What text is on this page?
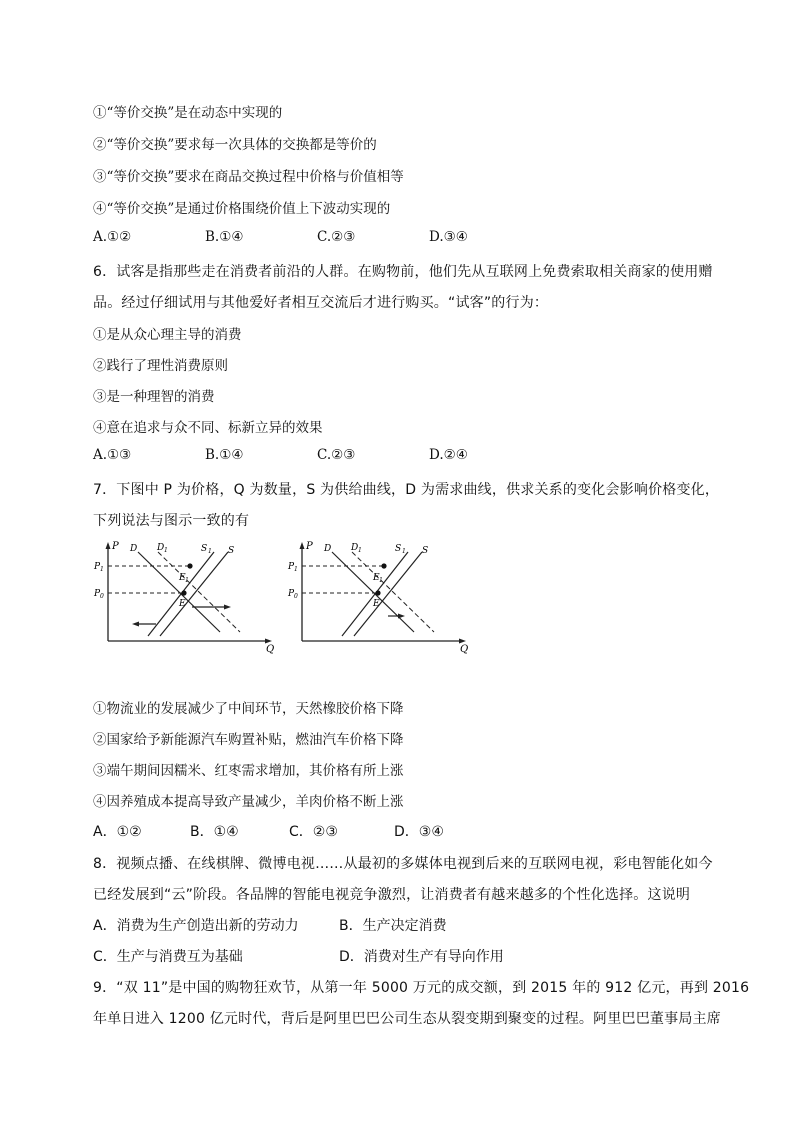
①“等价交换”是在动态中实现的
②“等价交换”要求每一次具体的交换都是等价的
③“等价交换”要求在商品交换过程中价格与价值相等
④“等价交换”是通过价格围绕价值上下波动实现的
A.①②	B.①④	C.②③	D.③④
6．试客是指那些走在消费者前沿的人群。在购物前，他们先从互联网上免费索取相关商家的使用赠
品。经过仔细试用与其他爱好者相互交流后才进行购买。“试客”的行为：
①是从众心理主导的消费
②践行了理性消费原则
③是一种理智的消费
④意在追求与众不同、标新立异的效果
A.①③	B.①④	C.②③	D.②④
7．下图中 P 为价格，Q 为数量，S 为供给曲线，D 为需求曲线，供求关系的变化会影响价格变化，
下列说法与图示一致的有
P
Q
P 1
P 0
D D 1	S 1 S
E 1
E
P
Q
P 1
P 0
D D 1	S 1 S
E 1
E
①物流业的发展减少了中间环节，天然橡胶价格下降
②国家给予新能源汽车购置补贴，燃油汽车价格下降
③端午期间因糯米、红枣需求增加，其价格有所上涨
④因养殖成本提高导致产量减少，羊肉价格不断上涨
A．①②	B．①④	C．②③	D．③④
8．视频点播、在线棋牌、微博电视……从最初的多媒体电视到后来的互联网电视，彩电智能化如今
已经发展到“云”阶段。各品牌的智能电视竞争激烈，让消费者有越来越多的个性化选择。这说明
A．消费为生产创造出新的劳动力	B．生产决定消费
C．生产与消费互为基础	D．消费对生产有导向作用
9．“双 11”是中国的购物狂欢节，从第一年 5000 万元的成交额，到 2015 年的 912 亿元，再到 2016
年单日进入 1200 亿元时代，背后是阿里巴巴公司生态从裂变期到聚变的过程。阿里巴巴董事局主席
